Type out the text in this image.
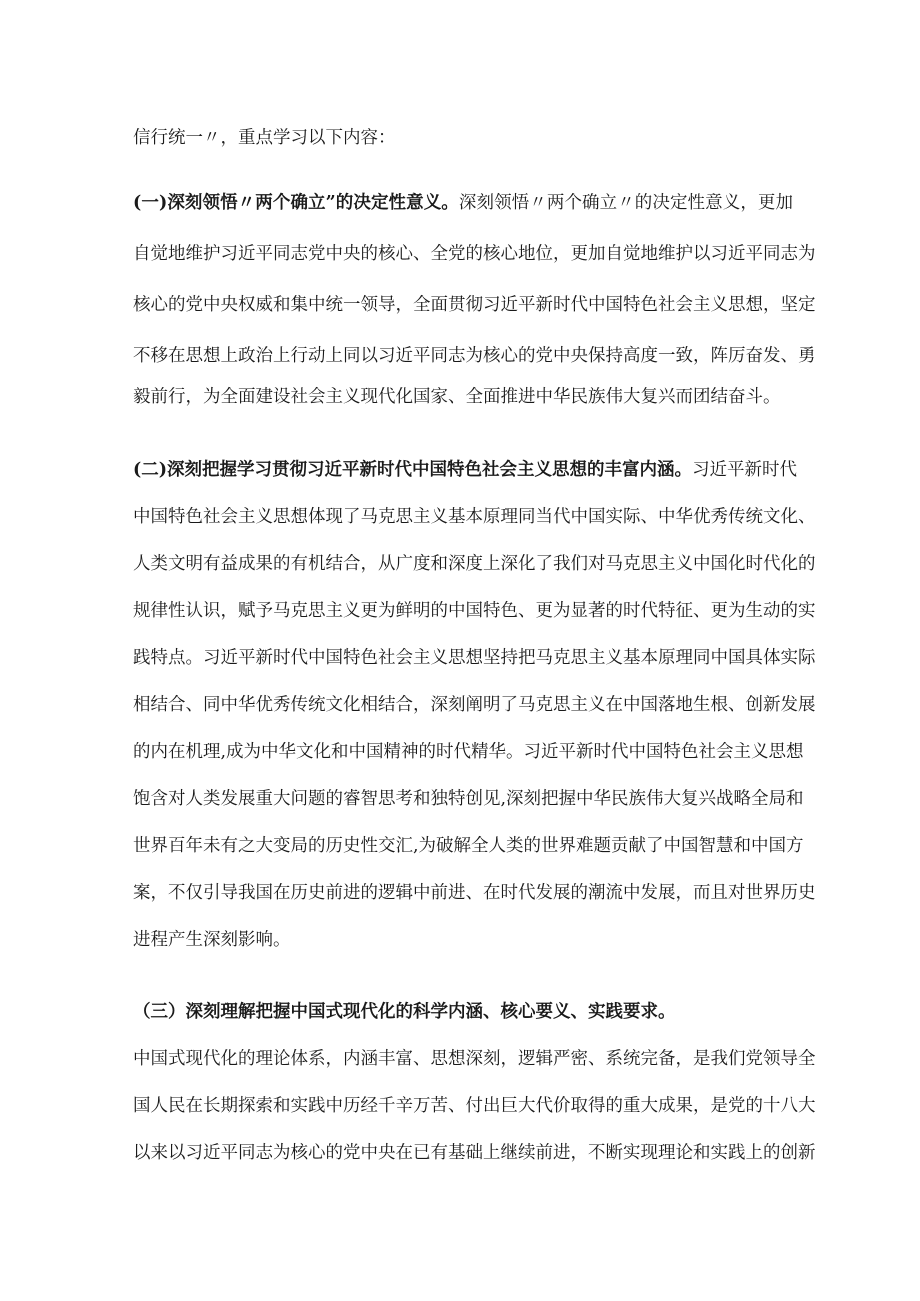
信行统一〃，重点学习以下内容：
(一)深刻领悟〃两个确立”的决定性意义。深刻领悟〃两个确立〃的决定性意义，更加
自觉地维护习近平同志党中央的核心、全党的核心地位，更加自觉地维护以习近平同志为
核心的党中央权威和集中统一领导，全面贯彻习近平新时代中国特色社会主义思想，坚定
不移在思想上政治上行动上同以习近平同志为核心的党中央保持高度一致，阵厉奋发、勇
毅前行，为全面建设社会主义现代化国家、全面推进中华民族伟大复兴而团结奋斗。
(二)深刻把握学习贯彻习近平新时代中国特色社会主义思想的丰富内涵。习近平新时代
中国特色社会主义思想体现了马克思主义基本原理同当代中国实际、中华优秀传统文化、
人类文明有益成果的有机结合，从广度和深度上深化了我们对马克思主义中国化时代化的
规律性认识，赋予马克思主义更为鲜明的中国特色、更为显著的时代特征、更为生动的实
践特点。习近平新时代中国特色社会主义思想坚持把马克思主义基本原理同中国具体实际
相结合、同中华优秀传统文化相结合，深刻阐明了马克思主义在中国落地生根、创新发展
的内在机理,成为中华文化和中国精神的时代精华。习近平新时代中国特色社会主义思想
饱含对人类发展重大问题的睿智思考和独特创见,深刻把握中华民族伟大复兴战略全局和
世界百年未有之大变局的历史性交汇,为破解全人类的世界难题贡献了中国智慧和中国方
案，不仅引导我国在历史前进的逻辑中前进、在时代发展的潮流中发展，而且对世界历史
进程产生深刻影响。
（三）深刻理解把握中国式现代化的科学内涵、核心要义、实践要求。
中国式现代化的理论体系，内涵丰富、思想深刻，逻辑严密、系统完备，是我们党领导全
国人民在长期探索和实践中历经千辛万苦、付出巨大代价取得的重大成果，是党的十八大
以来以习近平同志为核心的党中央在已有基础上继续前进，不断实现理论和实践上的创新
